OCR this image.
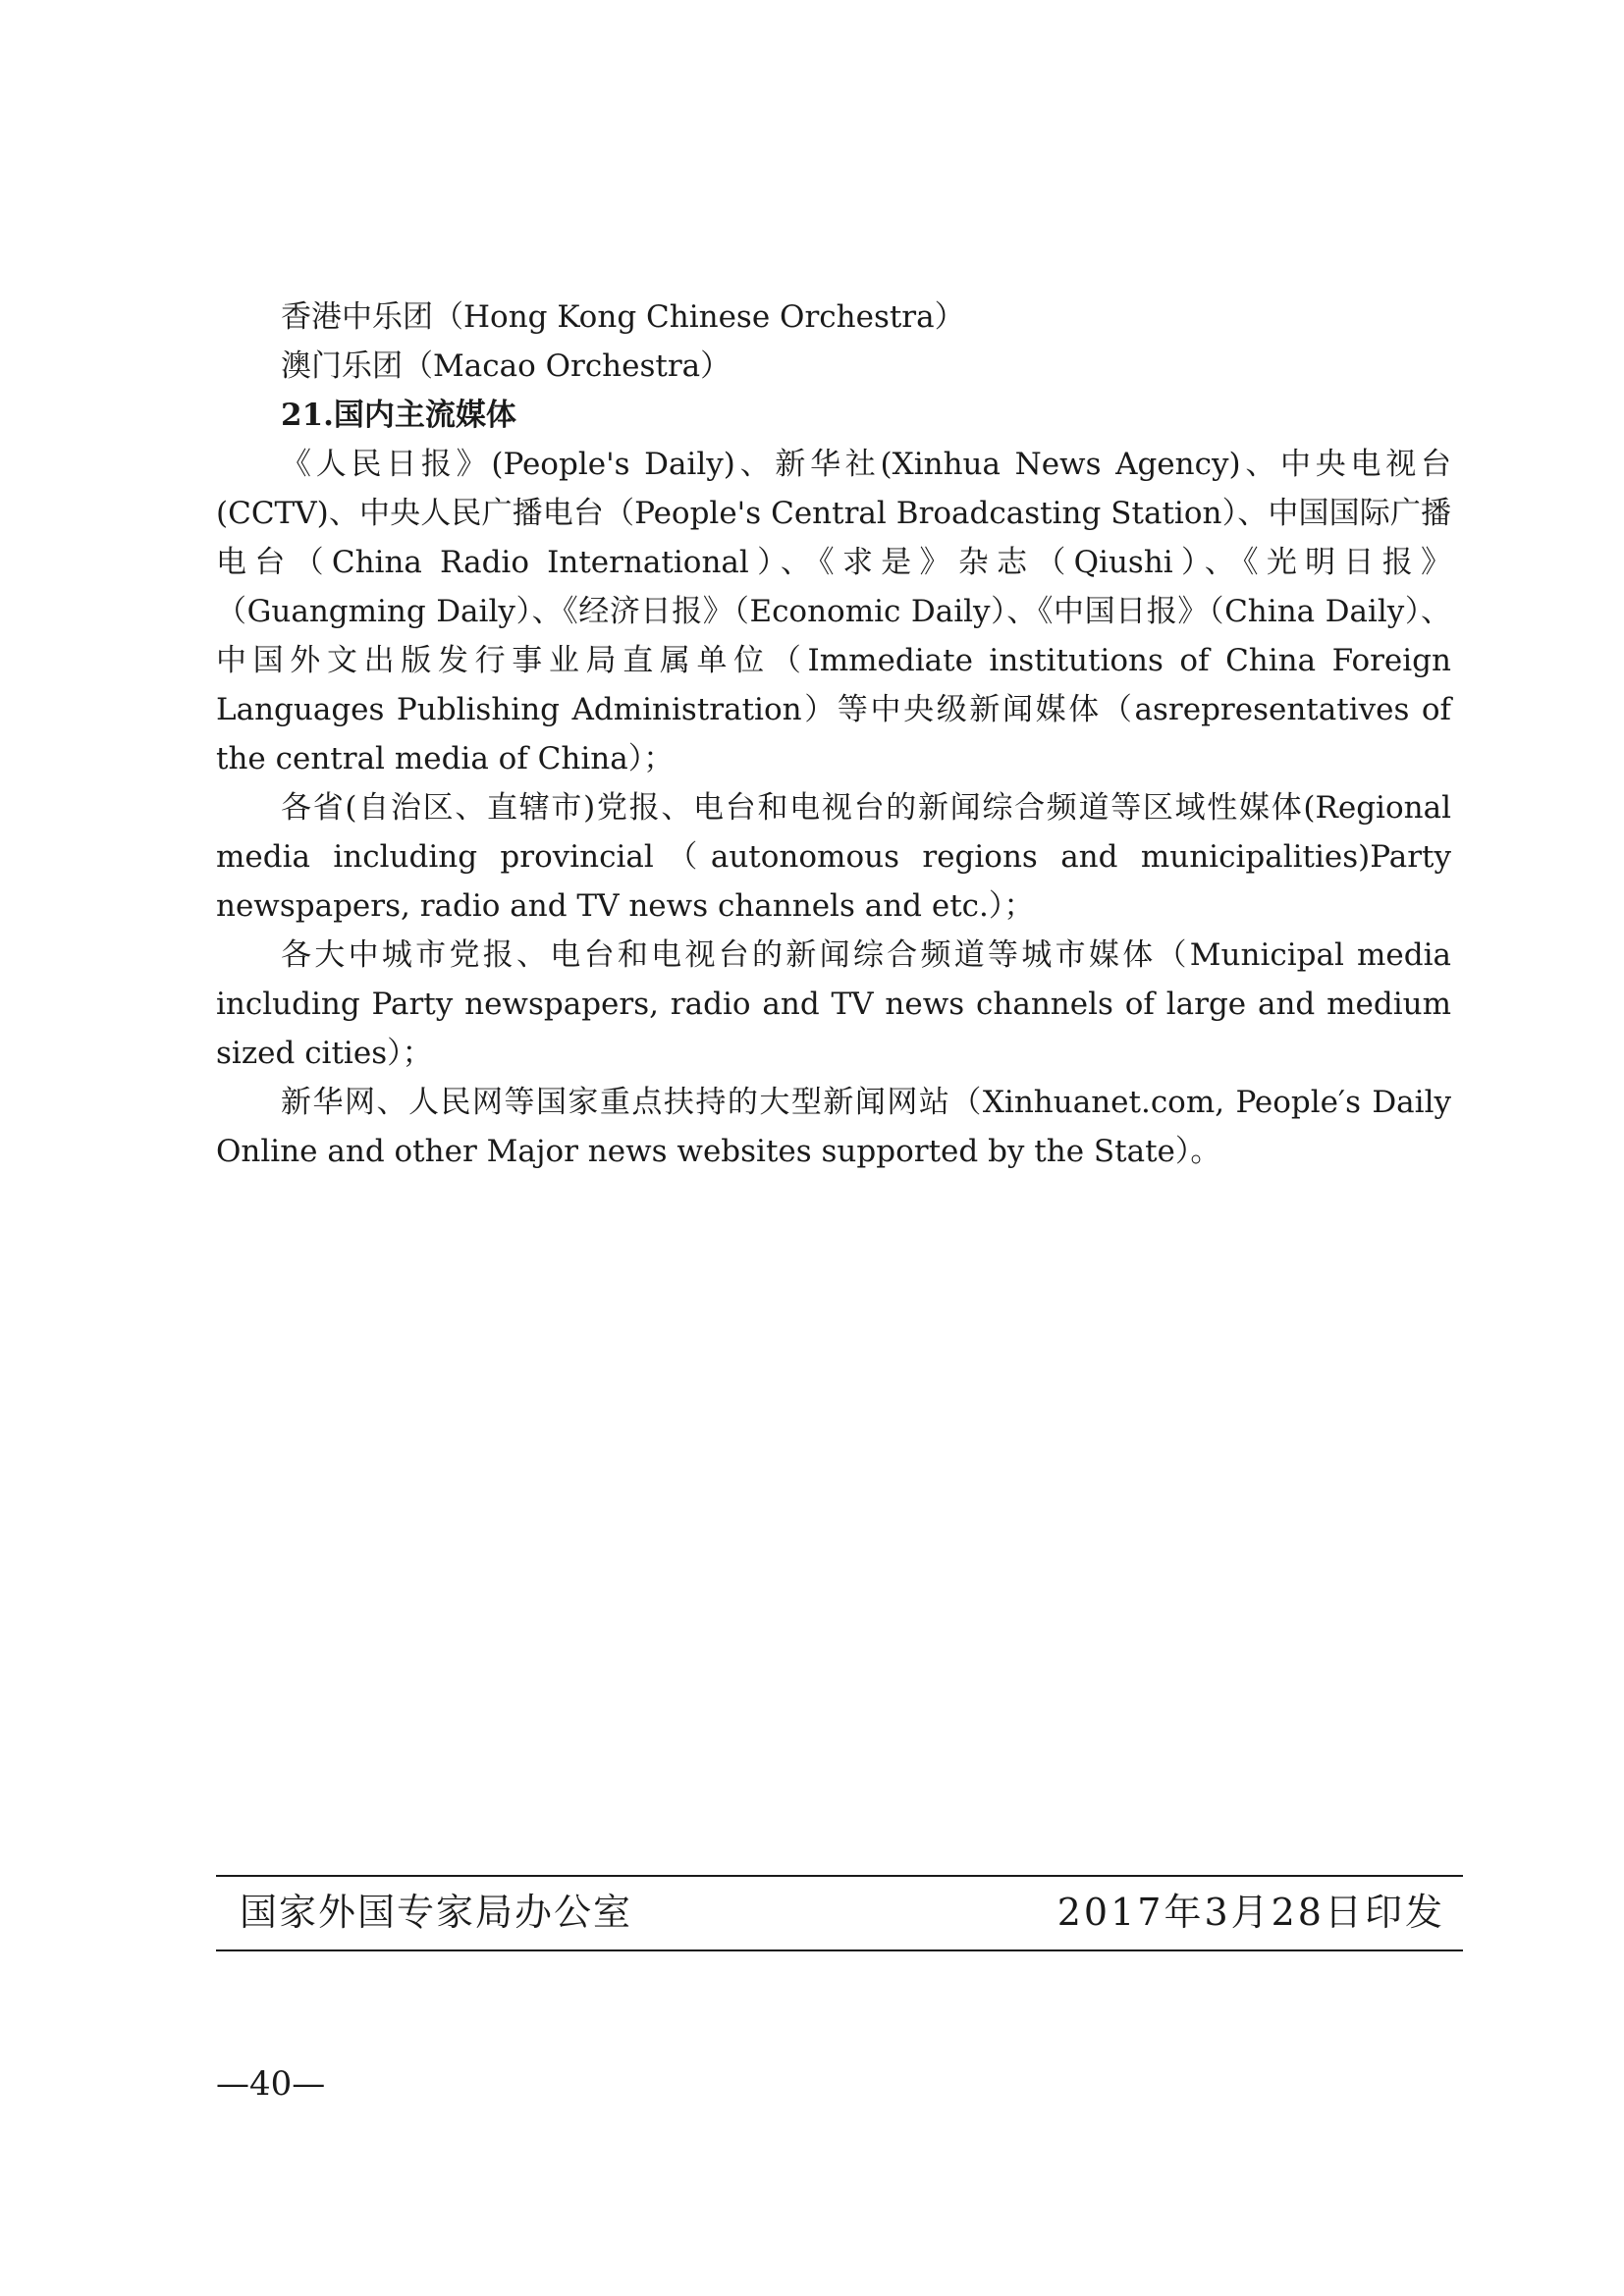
香港中乐团（Hong Kong Chinese Orchestra）

澳门乐团（Macao Orchestra）

21.国内主流媒体

《人民日报》(People's Daily)、新华社(Xinhua News Agency)、中央电视台(CCTV)、中央人民广播电台（People's Central Broadcasting Station）、中国国际广播电台（China Radio International）、《求是》杂志（Qiushi）、《光明日报》（Guangming Daily）、《经济日报》（Economic Daily）、《中国日报》（China Daily）、中国外文出版发行事业局直属单位（Immediate institutions of China Foreign Languages Publishing Administration）等中央级新闻媒体（asrepresentatives of the central media of China）；

各省(自治区、直辖市)党报、电台和电视台的新闻综合频道等区域性媒体(Regional media including provincial（autonomous regions and municipalities)Party newspapers, radio and TV news channels and etc.）；

各大中城市党报、电台和电视台的新闻综合频道等城市媒体（Municipal media including Party newspapers, radio and TV news channels of large and medium sized cities）；

新华网、人民网等国家重点扶持的大型新闻网站（Xinhuanet.com, People′s Daily Online and other Major news websites supported by the State）。

国家外国专家局办公室	2017年3月28日印发
—40—
